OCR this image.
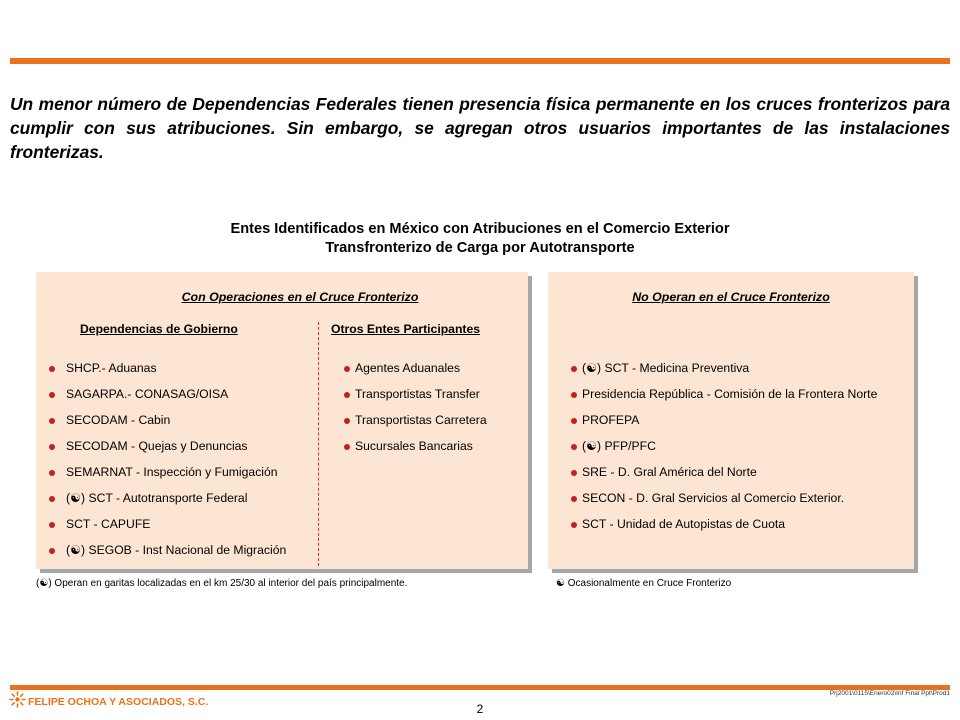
Un menor número de Dependencias Federales tienen presencia física permanente en los cruces fronterizos para cumplir con sus atribuciones. Sin embargo, se agregan otros usuarios importantes de las instalaciones fronterizas.

Entes Identificados en México con Atribuciones en el Comercio Exterior
Transfronterizo de Carga por Autotransporte
Con Operaciones en el Cruce Fronterizo
Dependencias de Gobierno	Otros Entes Participantes
SHCP.- Aduanas
SAGARPA.- CONASAG/OISA
SECODAM - Cabin
SECODAM - Quejas y Denuncias
SEMARNAT - Inspección y Fumigación
(☯) SCT - Autotransporte Federal
SCT - CAPUFE
(☯) SEGOB - Inst Nacional de Migración
Agentes Aduanales
Transportistas Transfer
Transportistas Carretera
Sucursales Bancarias
(☯) Operan en garitas localizadas en el km 25/30 al interior del país principalmente.
No Operan en el Cruce Fronterizo
(☯) SCT - Medicina Preventiva
Presidencia República - Comisión de la Frontera Norte
PROFEPA
(☯) PFP/PFC
SRE - D. Gral América del Norte
SECON - D. Gral Servicios al Comercio Exterior.
SCT - Unidad de Autopistas de Cuota
☯ Ocasionalmente en Cruce Fronterizo
FELIPE OCHOA Y ASOCIADOS, S.C.	2
Prj2001\0115\Enero02\Inf Final Ppt\Prod1
